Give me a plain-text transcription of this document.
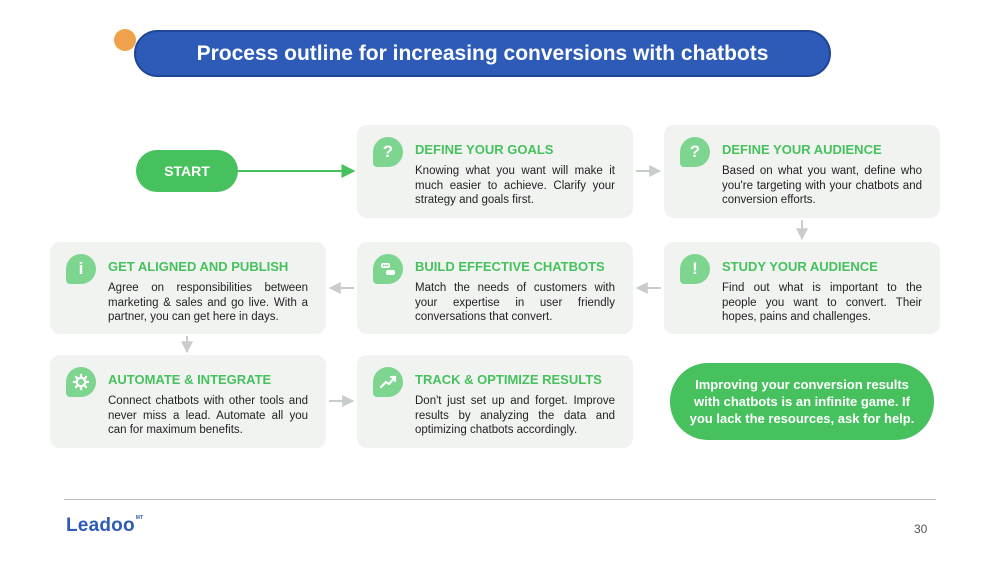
Process outline for increasing conversions with chatbots
START
?	DEFINE YOUR GOALS
Knowing what you want will make it much easier to achieve. Clarify your strategy and goals first.
?	DEFINE YOUR AUDIENCE
Based on what you want, define who you're targeting with your chatbots and conversion efforts.
!	STUDY YOUR AUDIENCE
Find out what is important to the people you want to convert. Their hopes, pains and challenges.
BUILD EFFECTIVE CHATBOTS
Match the needs of customers with your expertise in user friendly conversations that convert.
i	GET ALIGNED AND PUBLISH
Agree on responsibilities between marketing & sales and go live. With a partner, you can get here in days.
AUTOMATE & INTEGRATE
Connect chatbots with other tools and never miss a lead. Automate all you can for maximum benefits.
TRACK & OPTIMIZE RESULTS
Don't just set up and forget. Improve results by analyzing the data and optimizing chatbots accordingly.
Improving your conversion results with chatbots is an infinite game. If you lack the resources, ask for help.
Leadoo$^{MT}$
30
